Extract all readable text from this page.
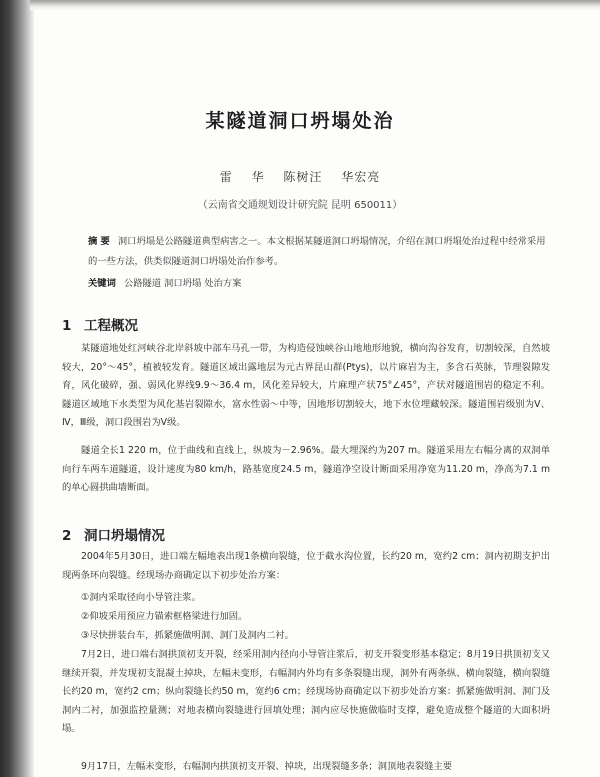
某隧道洞口坍塌处治
雷 华 陈树汪 华宏亮
（云南省交通规划设计研究院 昆明 650011）
摘 要 洞口坍塌是公路隧道典型病害之一。本文根据某隧道洞口坍塌情况，介绍在洞口坍塌处治过程中经常采用的一些方法，供类似隧道洞口坍塌处治作参考。
关键词 公路隧道 洞口坍塌 处治方案
1 工程概况

某隧道地处红河峡谷北岸斜坡中部车马孔一带，为构造侵蚀峡谷山地地形地貌，横向沟谷发育，切割较深，自然坡较大，20°～45°，植被较发育。隧道区域出露地层为元古界昆山群(Ptys)，以片麻岩为主，多含石英脉，节理裂隙发育，风化破碎，强、弱风化界线9.9～36.4 m，风化差异较大，片麻理产状75°∠45°，产状对隧道围岩的稳定不利。隧道区域地下水类型为风化基岩裂隙水，富水性弱～中等，因地形切割较大，地下水位埋藏较深。隧道围岩级别为Ⅴ、Ⅳ，Ⅲ级，洞口段围岩为Ⅴ级。

隧道全长1 220 m，位于曲线和直线上，纵坡为－2.96%。最大埋深约为207 m。隧道采用左右幅分离的双洞单向行车两车道隧道，设计速度为80 km/h，路基宽度24.5 m，隧道净空设计断面采用净宽为11.20 m，净高为7.1 m的单心圆拱曲墙断面。

2 洞口坍塌情况

2004年5月30日，进口端左幅地表出现1条横向裂缝，位于截水沟位置，长约20 m，宽约2 cm；洞内初期支护出现两条环向裂缝。经现场办商确定以下初步处治方案：

①洞内采取径向小导管注浆。
②仰坡采用预应力锚索框格梁进行加固。
③尽快拼装台车，抓紧施做明洞、洞门及洞内二衬。

7月2日，进口端右洞拱顶初支开裂，经采用洞内径向小导管注浆后，初支开裂变形基本稳定；8月19日拱顶初支又继续开裂，并发现初支混凝土掉块，左幅未变形，右幅洞内外均有多条裂缝出现，洞外有两条纵、横向裂缝，横向裂缝长约20 m，宽约2 cm；纵向裂缝长约50 m，宽约6 cm；经现场协商确定以下初步处治方案：抓紧施做明洞、洞门及洞内二衬，加强监控量测；对地表横向裂缝进行回填处理；洞内应尽快施做临时支撑，避免造成整个隧道的大面积坍塌。

9月17日，左幅未变形，右幅洞内拱顶初支开裂、掉块，出现裂缝多条；洞顶地表裂缝主要
